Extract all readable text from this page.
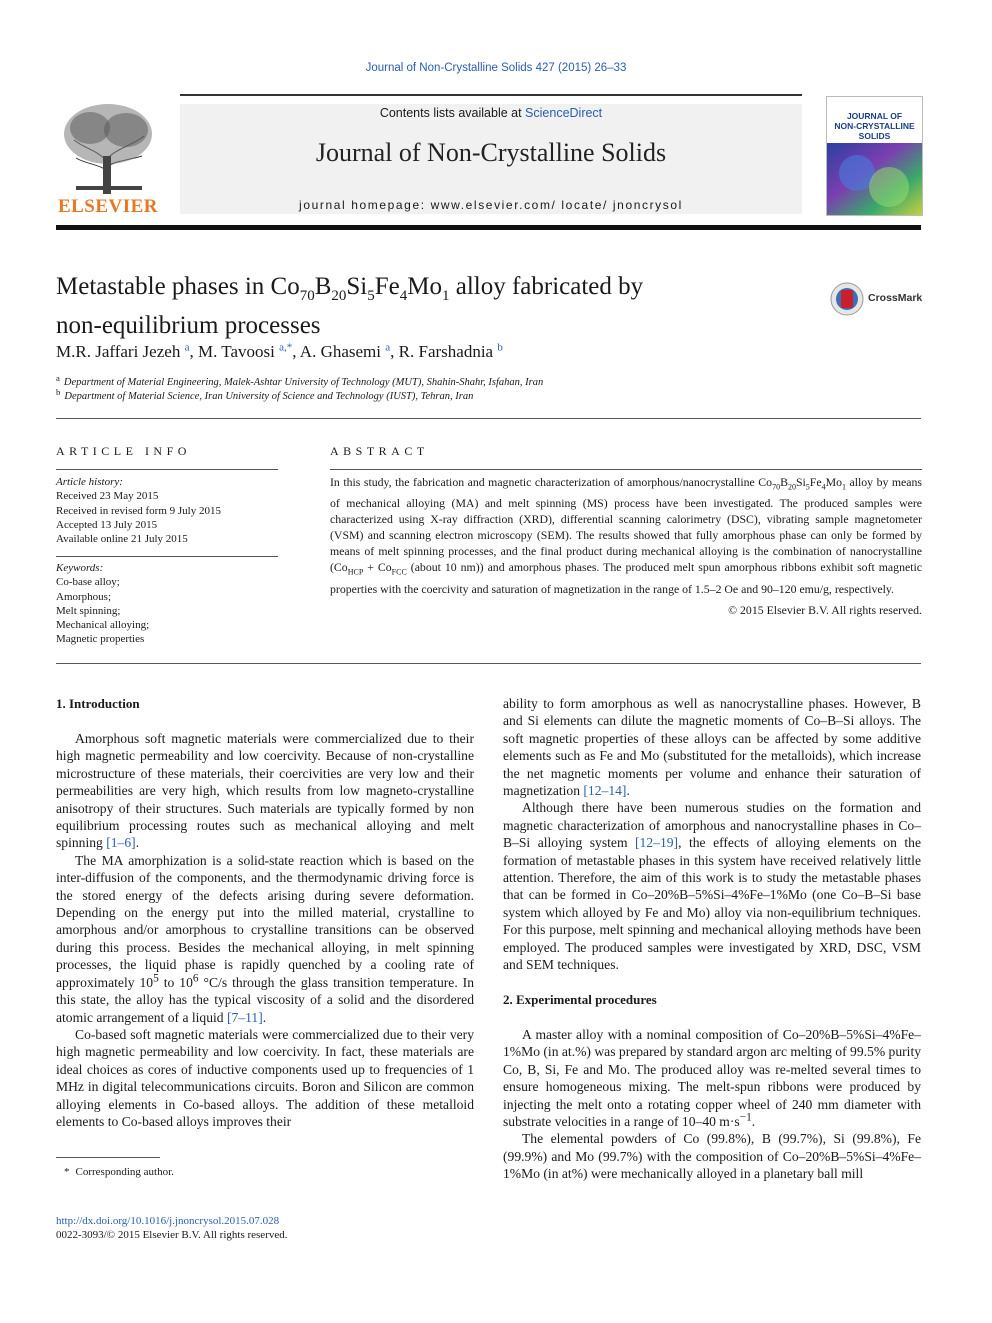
Journal of Non-Crystalline Solids 427 (2015) 26–33
ELSEVIER
Contents lists available at ScienceDirect
Journal of Non-Crystalline Solids
journal homepage: www.elsevier.com/ locate/ jnoncrysol
JOURNAL OF
NON-CRYSTALLINE SOLIDS
Metastable phases in $Co_{70}B_{20}Si_5Fe_4Mo_1$ alloy fabricated by
non-equilibrium processes
CrossMark
M.R. Jaffari Jezeh $^a$, M. Tavoosi $^{a,*}$, A. Ghasemi $^a$, R. Farshadnia $^b$
$^a$ Department of Material Engineering, Malek-Ashtar University of Technology (MUT), Shahin-Shahr, Isfahan, Iran
$^b$ Department of Material Science, Iran University of Science and Technology (IUST), Tehran, Iran
ARTICLE INFO
Article history:
Received 23 May 2015
Received in revised form 9 July 2015
Accepted 13 July 2015
Available online 21 July 2015
Keywords:
Co-base alloy;
Amorphous;
Melt spinning;
Mechanical alloying;
Magnetic properties
ABSTRACT
In this study, the fabrication and magnetic characterization of amorphous/nanocrystalline $Co_{70}B_{20}Si_5Fe_4Mo_1$ alloy by means of mechanical alloying (MA) and melt spinning (MS) process have been investigated. The produced samples were characterized using X-ray diffraction (XRD), differential scanning calorimetry (DSC), vibrating sample magnetometer (VSM) and scanning electron microscopy (SEM). The results showed that fully amorphous phase can only be formed by means of melt spinning processes, and the final product during mechanical alloying is the combination of nanocrystalline ($Co_{HCP} + Co_{FCC}$ (about 10 nm)) and amorphous phases. The produced melt spun amorphous ribbons exhibit soft magnetic properties with the coercivity and saturation of magnetization in the range of 1.5–2 Oe and 90–120 emu/g, respectively.
© 2015 Elsevier B.V. All rights reserved.
1. Introduction

Amorphous soft magnetic materials were commercialized due to their high magnetic permeability and low coercivity. Because of non-crystalline microstructure of these materials, their coercivities are very low and their permeabilities are very high, which results from low magneto-crystalline anisotropy of their structures. Such materials are typically formed by non equilibrium processing routes such as mechanical alloying and melt spinning [1–6].

The MA amorphization is a solid-state reaction which is based on the inter-diffusion of the components, and the thermodynamic driving force is the stored energy of the defects arising during severe deformation. Depending on the energy put into the milled material, crystalline to amorphous and/or amorphous to crystalline transitions can be observed during this process. Besides the mechanical alloying, in melt spinning processes, the liquid phase is rapidly quenched by a cooling rate of approximately $10^5$ to $10^6$ °C/s through the glass transition temperature. In this state, the alloy has the typical viscosity of a solid and the disordered atomic arrangement of a liquid [7–11].

Co-based soft magnetic materials were commercialized due to their very high magnetic permeability and low coercivity. In fact, these materials are ideal choices as cores of inductive components used up to frequencies of 1 MHz in digital telecommunications circuits. Boron and Silicon are common alloying elements in Co-based alloys. The addition of these metalloid elements to Co-based alloys improves their

* Corresponding author.
http://dx.doi.org/10.1016/j.jnoncrysol.2015.07.028
0022-3093/© 2015 Elsevier B.V. All rights reserved.

ability to form amorphous as well as nanocrystalline phases. However, B and Si elements can dilute the magnetic moments of Co–B–Si alloys. The soft magnetic properties of these alloys can be affected by some additive elements such as Fe and Mo (substituted for the metalloids), which increase the net magnetic moments per volume and enhance their saturation of magnetization [12–14].

Although there have been numerous studies on the formation and magnetic characterization of amorphous and nanocrystalline phases in Co–B–Si alloying system [12–19], the effects of alloying elements on the formation of metastable phases in this system have received relatively little attention. Therefore, the aim of this work is to study the metastable phases that can be formed in Co–20%B–5%Si–4%Fe–1%Mo (one Co–B–Si base system which alloyed by Fe and Mo) alloy via non-equilibrium techniques. For this purpose, melt spinning and mechanical alloying methods have been employed. The produced samples were investigated by XRD, DSC, VSM and SEM techniques.

2. Experimental procedures

A master alloy with a nominal composition of Co–20%B–5%Si–4%Fe–1%Mo (in at.%) was prepared by standard argon arc melting of 99.5% purity Co, B, Si, Fe and Mo. The produced alloy was re-melted several times to ensure homogeneous mixing. The melt-spun ribbons were produced by injecting the melt onto a rotating copper wheel of 240 mm diameter with substrate velocities in a range of 10–40 $m\cdot s^{-1}$.

The elemental powders of Co (99.8%), B (99.7%), Si (99.8%), Fe (99.9%) and Mo (99.7%) with the composition of Co–20%B–5%Si–4%Fe–1%Mo (in at%) were mechanically alloyed in a planetary ball mill
